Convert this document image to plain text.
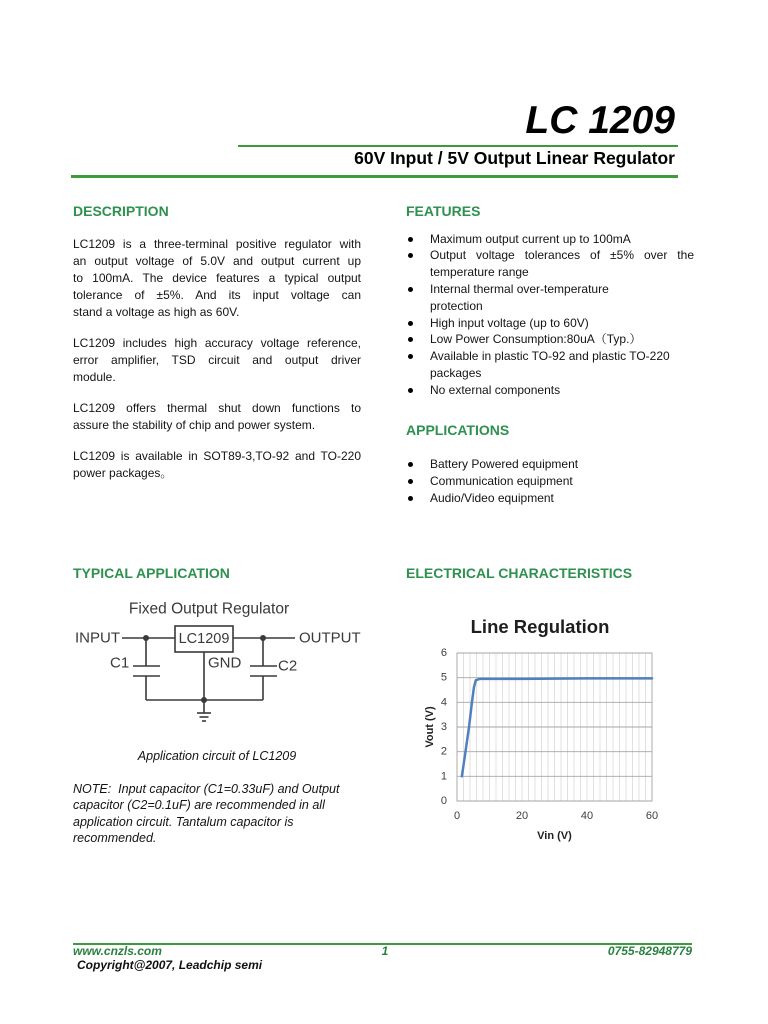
LC 1209
60V Input / 5V Output Linear Regulator
DESCRIPTION
LC1209 is a three-terminal positive regulator with
an output voltage of 5.0V and output current up
to 100mA. The device features a typical output
tolerance of ±5%. And its input voltage can
stand a voltage as high as 60V.
LC1209 includes high accuracy voltage reference,
error amplifier, TSD circuit and output driver
module.
LC1209 offers thermal shut down functions to
assure the stability of chip and power system.
LC1209 is available in SOT89-3,TO-92 and TO-220
power packages。
FEATURES
Maximum output current up to 100mA
Output voltage tolerances of ±5% over the
temperature range
Internal thermal over-temperature
protection
High input voltage (up to 60V)
Low Power Consumption:80uA（Typ.）
Available in plastic TO-92 and plastic TO-220
packages
No external components
APPLICATIONS
Battery Powered equipment
Communication equipment
Audio/Video equipment
TYPICAL APPLICATION
Fixed Output Regulator
INPUT	LC1209	OUTPUT
C1	GND C2
Application circuit of LC1209
NOTE:  Input capacitor (C1=0.33uF) and Output
capacitor (C2=0.1uF) are recommended in all
application circuit. Tantalum capacitor is
recommended.
ELECTRICAL CHARACTERISTICS
Line Regulation
Vout (V)
Vin (V)
0
1
2
3
4
5
6
0	20	40	60
www.cnzls.com	1	0755-82948779
Copyright@2007, Leadchip semi
